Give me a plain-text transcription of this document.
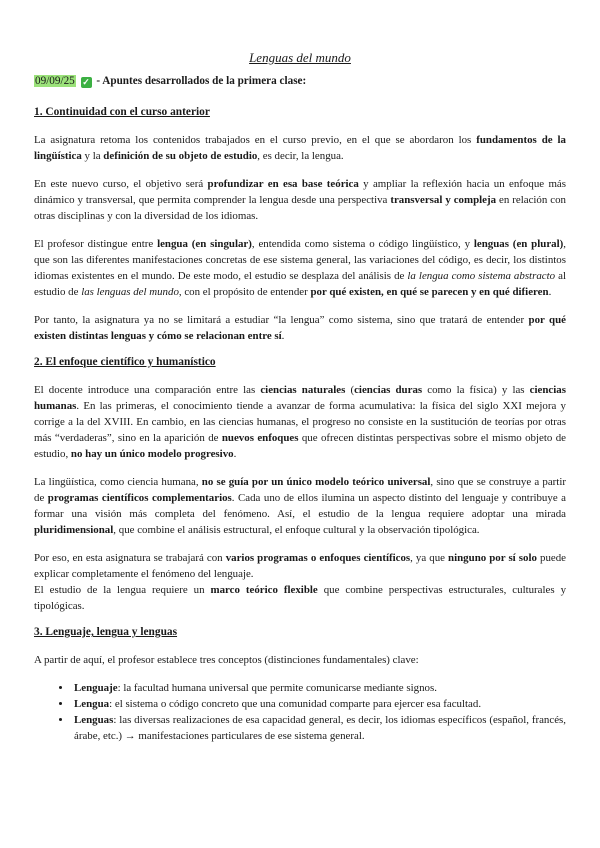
Lenguas del mundo
09/09/25 ✓ - Apuntes desarrollados de la primera clase:
1. Continuidad con el curso anterior

La asignatura retoma los contenidos trabajados en el curso previo, en el que se abordaron los fundamentos de la lingüística y la definición de su objeto de estudio, es decir, la lengua.

En este nuevo curso, el objetivo será profundizar en esa base teórica y ampliar la reflexión hacia un enfoque más dinámico y transversal, que permita comprender la lengua desde una perspectiva transversal y compleja en relación con otras disciplinas y con la diversidad de los idiomas.

El profesor distingue entre lengua (en singular), entendida como sistema o código lingüístico, y lenguas (en plural), que son las diferentes manifestaciones concretas de ese sistema general, las variaciones del código, es decir, los distintos idiomas existentes en el mundo. De este modo, el estudio se desplaza del análisis de la lengua como sistema abstracto al estudio de las lenguas del mundo, con el propósito de entender por qué existen, en qué se parecen y en qué difieren.

Por tanto, la asignatura ya no se limitará a estudiar “la lengua” como sistema, sino que tratará de entender por qué existen distintas lenguas y cómo se relacionan entre sí.

2. El enfoque científico y humanístico

El docente introduce una comparación entre las ciencias naturales (ciencias duras como la física) y las ciencias humanas. En las primeras, el conocimiento tiende a avanzar de forma acumulativa: la física del siglo XXI mejora y corrige a la del XVIII. En cambio, en las ciencias humanas, el progreso no consiste en la sustitución de teorías por otras más “verdaderas”, sino en la aparición de nuevos enfoques que ofrecen distintas perspectivas sobre el mismo objeto de estudio, no hay un único modelo progresivo.

La lingüística, como ciencia humana, no se guía por un único modelo teórico universal, sino que se construye a partir de programas científicos complementarios. Cada uno de ellos ilumina un aspecto distinto del lenguaje y contribuye a formar una visión más completa del fenómeno. Así, el estudio de la lengua requiere adoptar una mirada pluridimensional, que combine el análisis estructural, el enfoque cultural y la observación tipológica.

Por eso, en esta asignatura se trabajará con varios programas o enfoques científicos, ya que ninguno por sí solo puede explicar completamente el fenómeno del lenguaje.

El estudio de la lengua requiere un marco teórico flexible que combine perspectivas estructurales, culturales y tipológicas.

3. Lenguaje, lengua y lenguas

A partir de aquí, el profesor establece tres conceptos (distinciones fundamentales) clave:

• Lenguaje: la facultad humana universal que permite comunicarse mediante signos.
• Lengua: el sistema o código concreto que una comunidad comparte para ejercer esa facultad.
• Lenguas: las diversas realizaciones de esa capacidad general, es decir, los idiomas específicos (español, francés, árabe, etc.) → manifestaciones particulares de ese sistema general.
